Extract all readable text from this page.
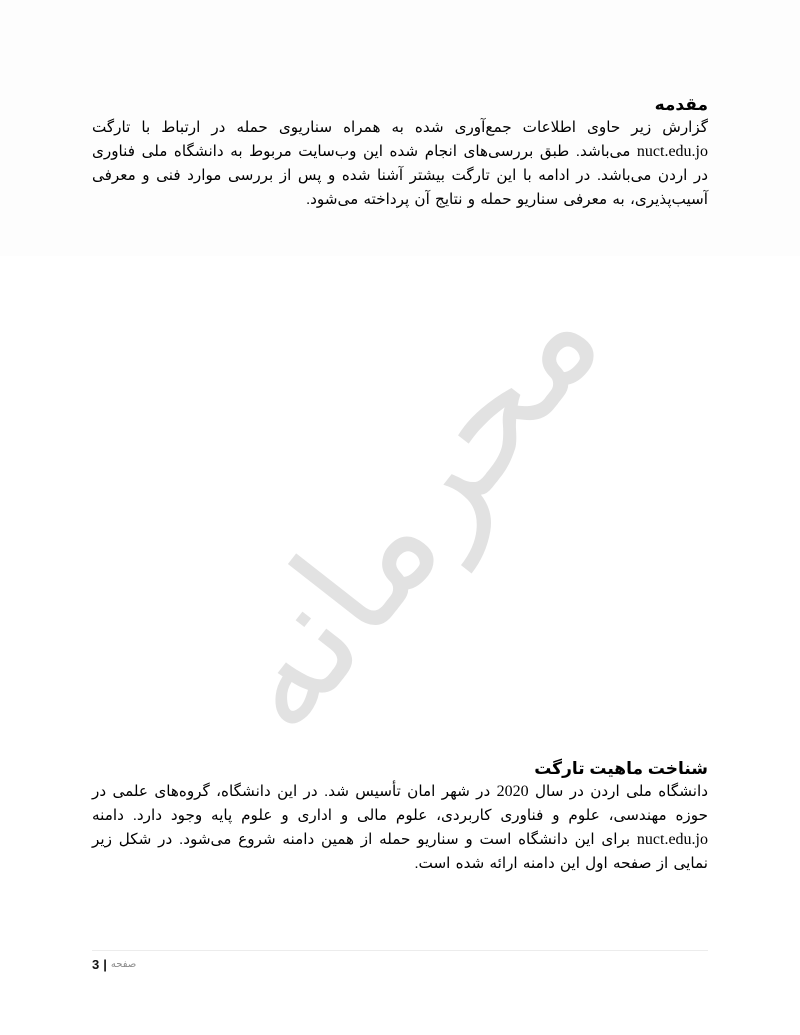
محرمانه
مقدمه

گزارش زیر حاوی اطلاعات جمع‌آوری شده به همراه سناریوی حمله در ارتباط با تارگت nuct.edu.jo می‌باشد. طبق بررسی‌های انجام شده این وب‌سایت مربوط به دانشگاه ملی فناوری در اردن می‌باشد. در ادامه با این تارگت بیشتر آشنا شده و پس از بررسی موارد فنی و معرفی آسیب‌پذیری، به معرفی سناریو حمله و نتایج آن پرداخته می‌شود.

شناخت ماهیت تارگت

دانشگاه ملی اردن در سال 2020 در شهر امان تأسیس شد. در این دانشگاه، گروه‌های علمی در حوزه مهندسی، علوم و فناوری کاربردی، علوم مالی و اداری و علوم پایه وجود دارد. دامنه nuct.edu.jo برای این دانشگاه است و سناریو حمله از همین دامنه شروع می‌شود. در شکل زیر نمایی از صفحه اول این دامنه ارائه شده است.

3 | صفحه
